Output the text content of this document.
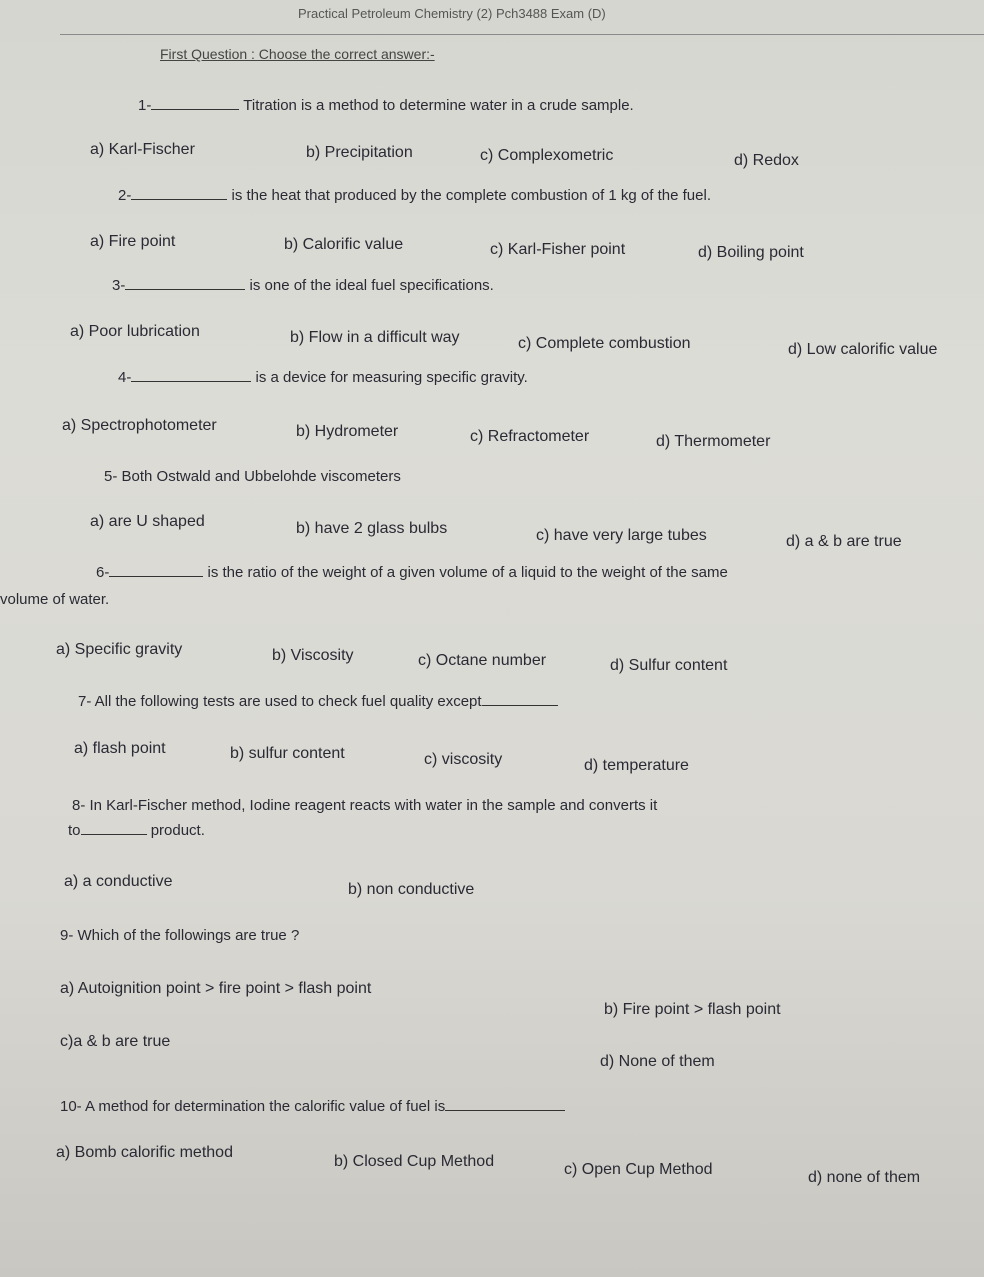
Practical Petroleum Chemistry (2) Pch3488 Exam (D)
First Question : Choose the correct answer:-
1-	Titration is a method to determine water in a crude sample.
a) Karl-Fischer	b) Precipitation	c) Complexometric	d) Redox
2-	is the heat that produced by the complete combustion of 1 kg of the fuel.
a) Fire point	b) Calorific value	c) Karl-Fisher point	d) Boiling point
3-	is one of the ideal fuel specifications.
a) Poor lubrication	b) Flow in a difficult way	c) Complete combustion	d) Low calorific value
4-	is a device for measuring specific gravity.
a) Spectrophotometer	b) Hydrometer	c) Refractometer	d) Thermometer
5- Both Ostwald and Ubbelohde viscometers
a) are U shaped	b) have 2 glass bulbs	c) have very large tubes	d) a & b are true
6-	is the ratio of the weight of a given volume of a liquid to the weight of the same
volume of water.
a) Specific gravity	b) Viscosity	c) Octane number	d) Sulfur content
7- All the following tests are used to check fuel quality except
a) flash point	b) sulfur content	c) viscosity	d) temperature
8- In Karl-Fischer method, Iodine reagent reacts with water in the sample and converts it
to	product.
a) a conductive	b) non conductive
9- Which of the followings are true ?
a) Autoignition point > fire point > flash point
b) Fire point > flash point
c)a & b are true
d) None of them
10- A method for determination the calorific value of fuel is
a) Bomb calorific method
b) Closed Cup Method	c) Open Cup Method	d) none of them
